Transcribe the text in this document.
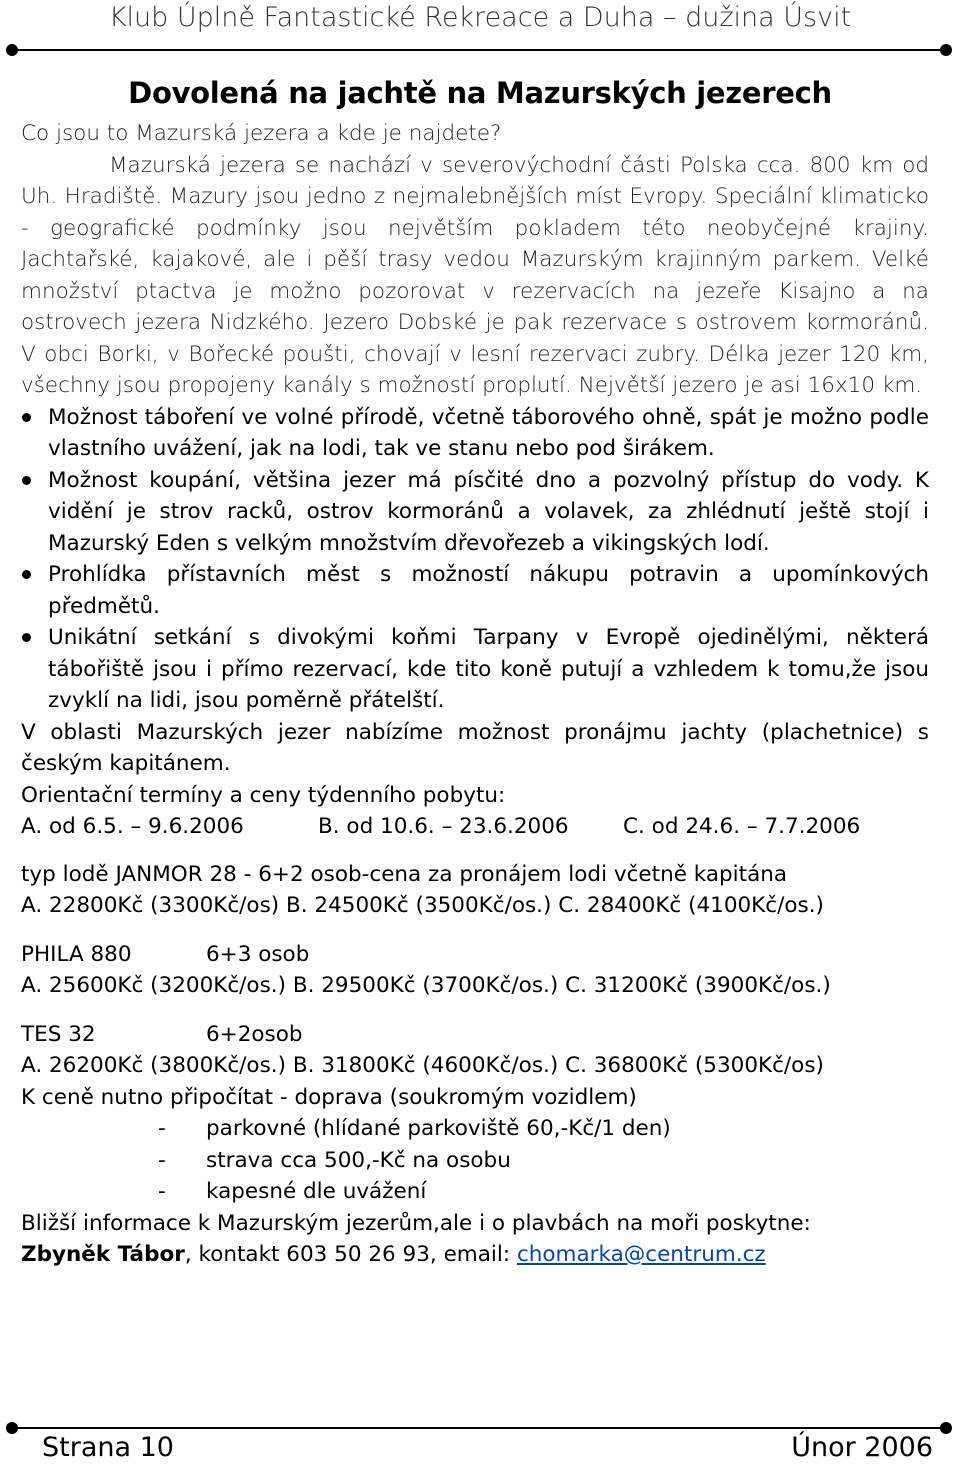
Klub Úplně Fantastické Rekreace a Duha – dužina Úsvit
Dovolená na jachtě na Mazurských jezerech

Co jsou to Mazurská jezera a kde je najdete?

Mazurská jezera se nachází v severovýchodní části Polska cca. 800 km od Uh. Hradiště. Mazury jsou jedno z nejmalebnějších míst Evropy. Speciální klimaticko - geografické podmínky jsou největším pokladem této neobyčejné krajiny. Jachtařské, kajakové, ale i pěší trasy vedou Mazurským krajinným parkem. Velké množství ptactva je možno pozorovat v rezervacích na jezeře Kisajno a na ostrovech jezera Nidzkého. Jezero Dobské je pak rezervace s ostrovem kormoránů. V obci Borki, v Bořecké poušti, chovají v lesní rezervaci zubry. Délka jezer 120 km, všechny jsou propojeny kanály s možností proplutí. Největší jezero je asi 16x10 km.

Možnost táboření ve volné přírodě, včetně táborového ohně, spát je možno podle vlastního uvážení, jak na lodi, tak ve stanu nebo pod širákem.
Možnost koupání, většina jezer má písčité dno a pozvolný přístup do vody. K vidění je strov racků, ostrov kormoránů a volavek, za zhlédnutí ještě stojí i Mazurský Eden s velkým množstvím dřevořezeb a vikingských lodí.
Prohlídka přístavních měst s možností nákupu potravin a upomínkových předmětů.
Unikátní setkání s divokými koňmi Tarpany v Evropě ojedinělými, některá tábořiště jsou i přímo rezervací, kde tito koně putují a vzhledem k tomu,že jsou zvyklí na lidi, jsou poměrně přátelští.

V oblasti Mazurských jezer nabízíme možnost pronájmu jachty (plachetnice) s českým kapitánem.

Orientační termíny a ceny týdenního pobytu:

A. od 6.5. – 9.6.2006	B. od 10.6. – 23.6.2006	C. od 24.6. – 7.7.2006

typ lodě JANMOR 28 - 6+2 osob-cena za pronájem lodi včetně kapitána

A. 22800Kč (3300Kč/os) B. 24500Kč (3500Kč/os.) C. 28400Kč (4100Kč/os.)

PHILA 880	6+3 osob

A. 25600Kč (3200Kč/os.) B. 29500Kč (3700Kč/os.) C. 31200Kč (3900Kč/os.)

TES 32	6+2osob

A. 26200Kč (3800Kč/os.) B. 31800Kč (4600Kč/os.) C. 36800Kč (5300Kč/os)

K ceně nutno připočítat - doprava (soukromým vozidlem)

-	parkovné (hlídané parkoviště 60,-Kč/1 den)

-	strava cca 500,-Kč na osobu

-	kapesné dle uvážení

Bližší informace k Mazurským jezerům,ale i o plavbách na moři poskytne:

Zbyněk Tábor, kontakt 603 50 26 93, email: chomarka@centrum.cz

Strana 10	Únor 2006
